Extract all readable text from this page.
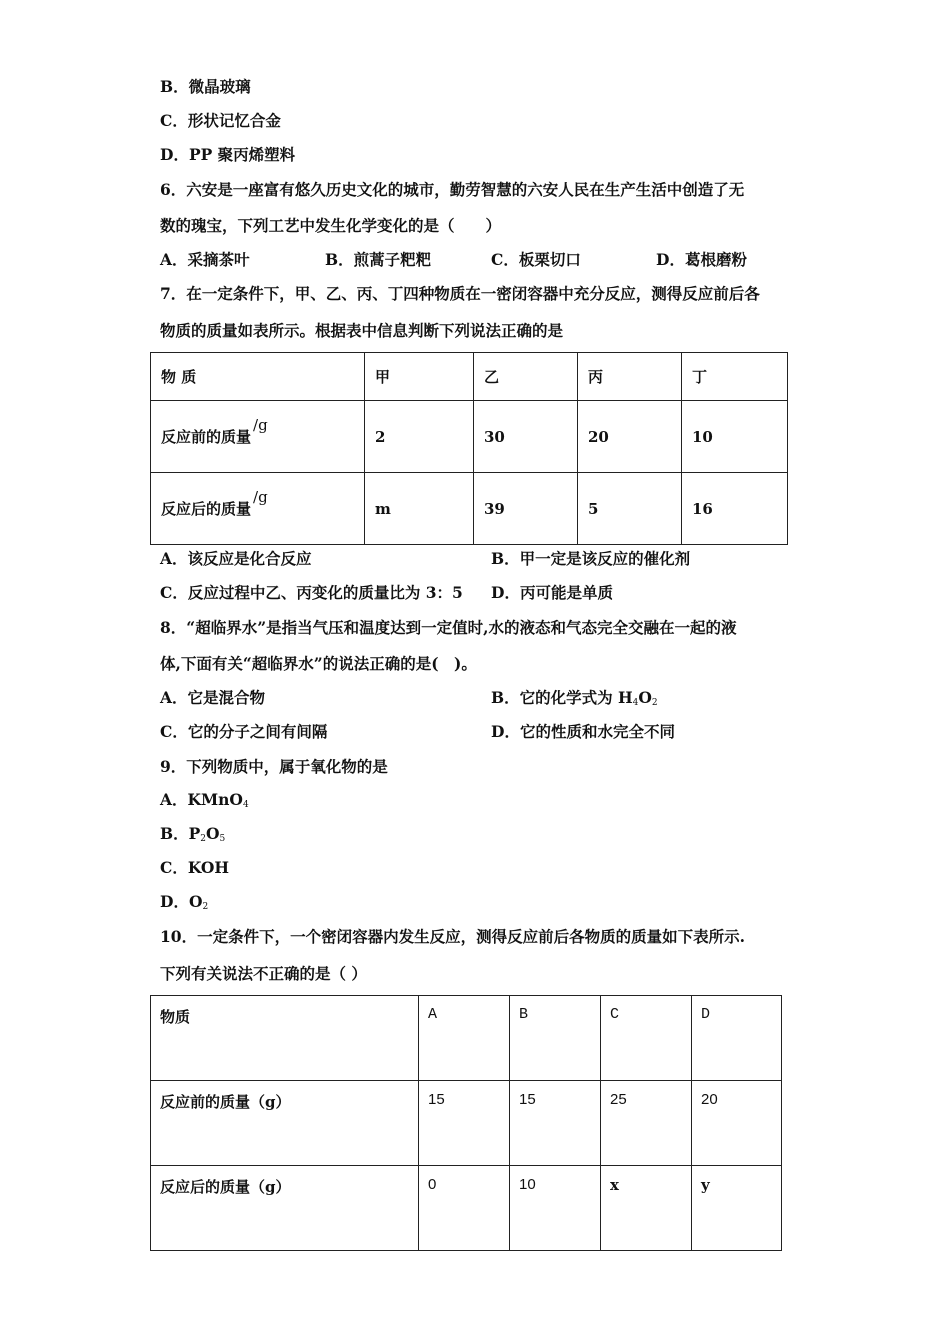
B．微晶玻璃
C．形状记忆合金
D．PP 聚丙烯塑料
6．六安是一座富有悠久历史文化的城市，勤劳智慧的六安人民在生产生活中创造了无
数的瑰宝，下列工艺中发生化学变化的是（　　）
A．采摘茶叶	B．煎蒿子粑粑	C．板栗切口	D．葛根磨粉
7．在一定条件下，甲、乙、丙、丁四种物质在一密闭容器中充分反应，测得反应前后各
物质的质量如表所示。根据表中信息判断下列说法正确的是
物 质	甲	乙	丙	丁
反应前的质量/g	2	30	20	10
反应后的质量/g	m	39	5	16
A．该反应是化合反应	B．甲一定是该反应的催化剂
C．反应过程中乙、丙变化的质量比为 3：5 D．丙可能是单质
8．“超临界水”是指当气压和温度达到一定值时,水的液态和气态完全交融在一起的液
体,下面有关“超临界水”的说法正确的是(　)。
A．它是混合物	B．它的化学式为 $H_4O_2$
C．它的分子之间有间隔	D．它的性质和水完全不同
9．下列物质中，属于氧化物的是
A．KMnO$_4$
B．$P_2O_5$
C．KOH
D．$O_2$
10．一定条件下，一个密闭容器内发生反应，测得反应前后各物质的质量如下表所示.
下列有关说法不正确的是（ ）
物质	A	B	C	D
反应前的质量（g）	15	15	25	20
反应后的质量（g）	0	10	x	y
